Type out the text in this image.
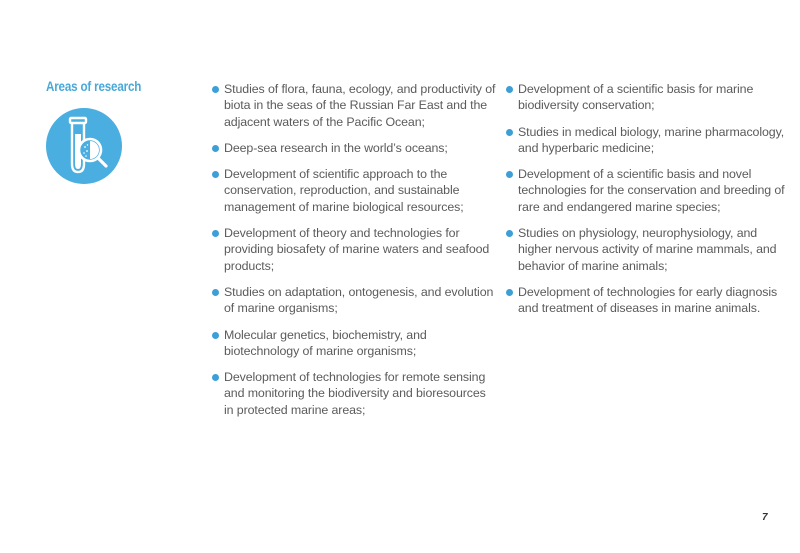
Areas of research	Studies of flora, fauna, ecology, and productivity of biota in the seas of the Russian Far East and the adjacent waters of the Pacific Ocean;
Deep-sea research in the world’s oceans;
Development of scientific approach to the conservation, reproduction, and sustainable management of marine biological resources;
Development of theory and technologies for providing biosafety of marine waters and seafood products;
Studies on adaptation, ontogenesis, and evolution of marine organisms;
Molecular genetics, biochemistry, and biotechnology of marine organisms;
Development of technologies for remote sensing and monitoring the biodiversity and bioresources in protected marine areas;
Development of a scientific basis for marine biodiversity conservation;
Studies in medical biology, marine pharmacology, and hyperbaric medicine;
Development of a scientific basis and novel technologies for the conservation and breeding of rare and endangered marine species;
Studies on physiology, neurophysiology, and higher nervous activity of marine mammals, and behavior of marine animals;
Development of technologies for early diagnosis and treatment of diseases in marine animals.
7
